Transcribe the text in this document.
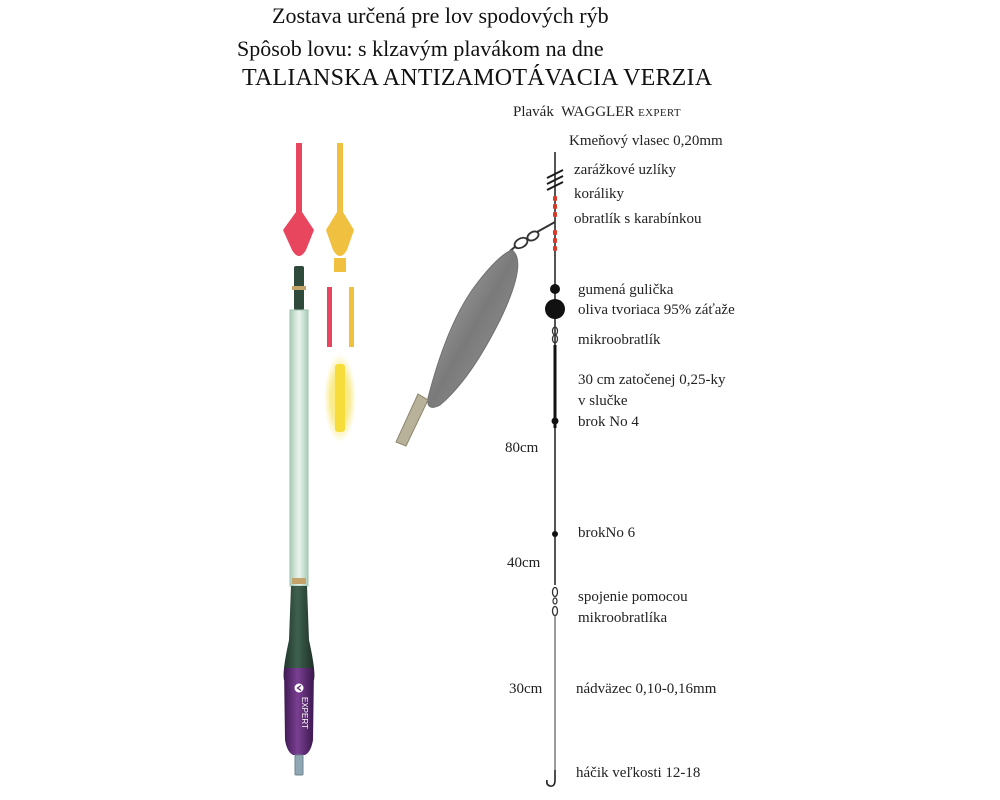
Zostava určená pre lov spodových rýb
Spôsob lovu: s klzavým plavákom na dne
TALIANSKA ANTIZAMOTÁVACIA VERZIA
EXPERT
Plavák WAGGLER EXPERT
Kmeňový vlasec 0,20mm
zarážkové uzlíky
koráliky
obratlík s karabínkou
gumená gulička
oliva tvoriaca 95% záťaže
mikroobratlík
30 cm zatočenej 0,25-ky
v slučke
brok No 4
brokNo 6
spojenie pomocou
mikroobratlíka
nádväzec 0,10-0,16mm
háčik veľkosti 12-18
80cm
40cm
30cm
